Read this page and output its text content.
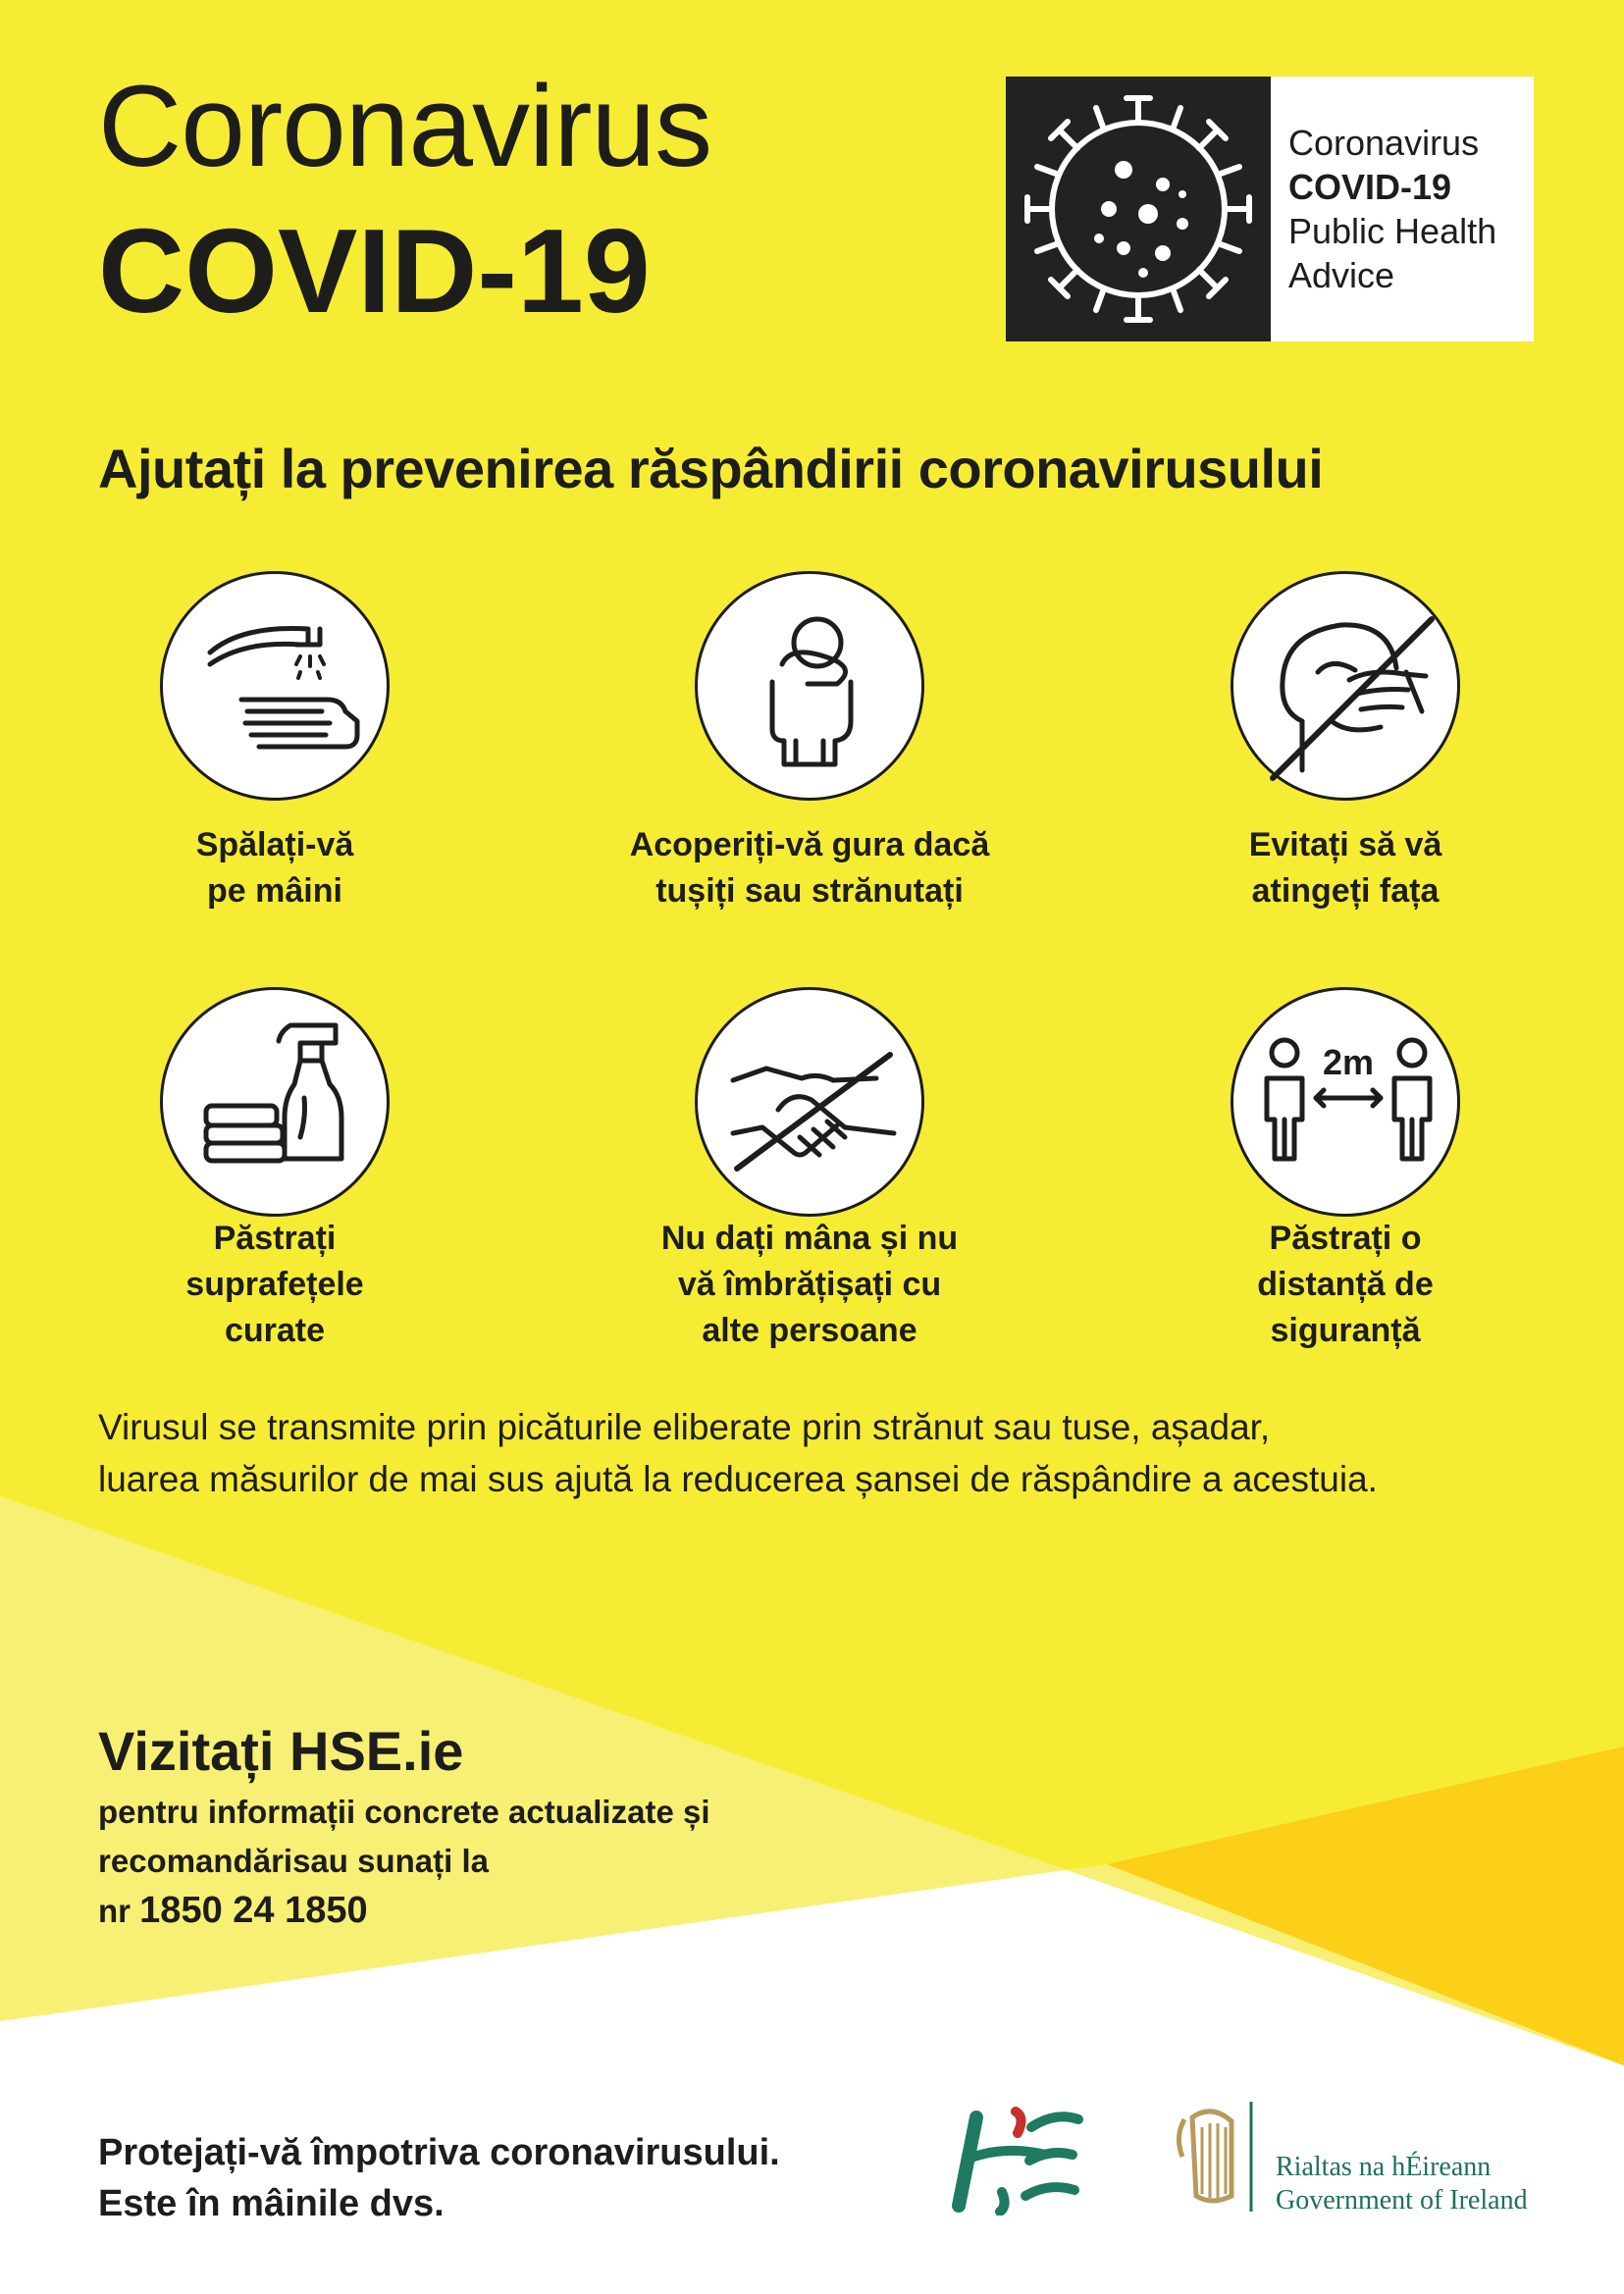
Coronavirus
COVID-19
Coronavirus
COVID-19
Public Health
Advice
Ajutați la prevenirea răspândirii coronavirusului
Spălați-vă
pe mâini
Acoperiți-vă gura dacă
tușiți sau strănutați
Evitați să vă
atingeți fața
Păstrați
suprafețele
curate
Nu dați mâna și nu
vă îmbrățișați cu
alte persoane
2m
Păstrați o
distanță de
siguranță
Virusul se transmite prin picăturile eliberate prin strănut sau tuse, așadar,
luarea măsurilor de mai sus ajută la reducerea șansei de răspândire a acestuia.
Vizitați HSE.ie
pentru informații concrete actualizate și
recomandărisau sunați la
nr 1850 24 1850
Protejați-vă împotriva coronavirusului.
Este în mâinile dvs.
Rialtas na hÉireann
Government of Ireland
